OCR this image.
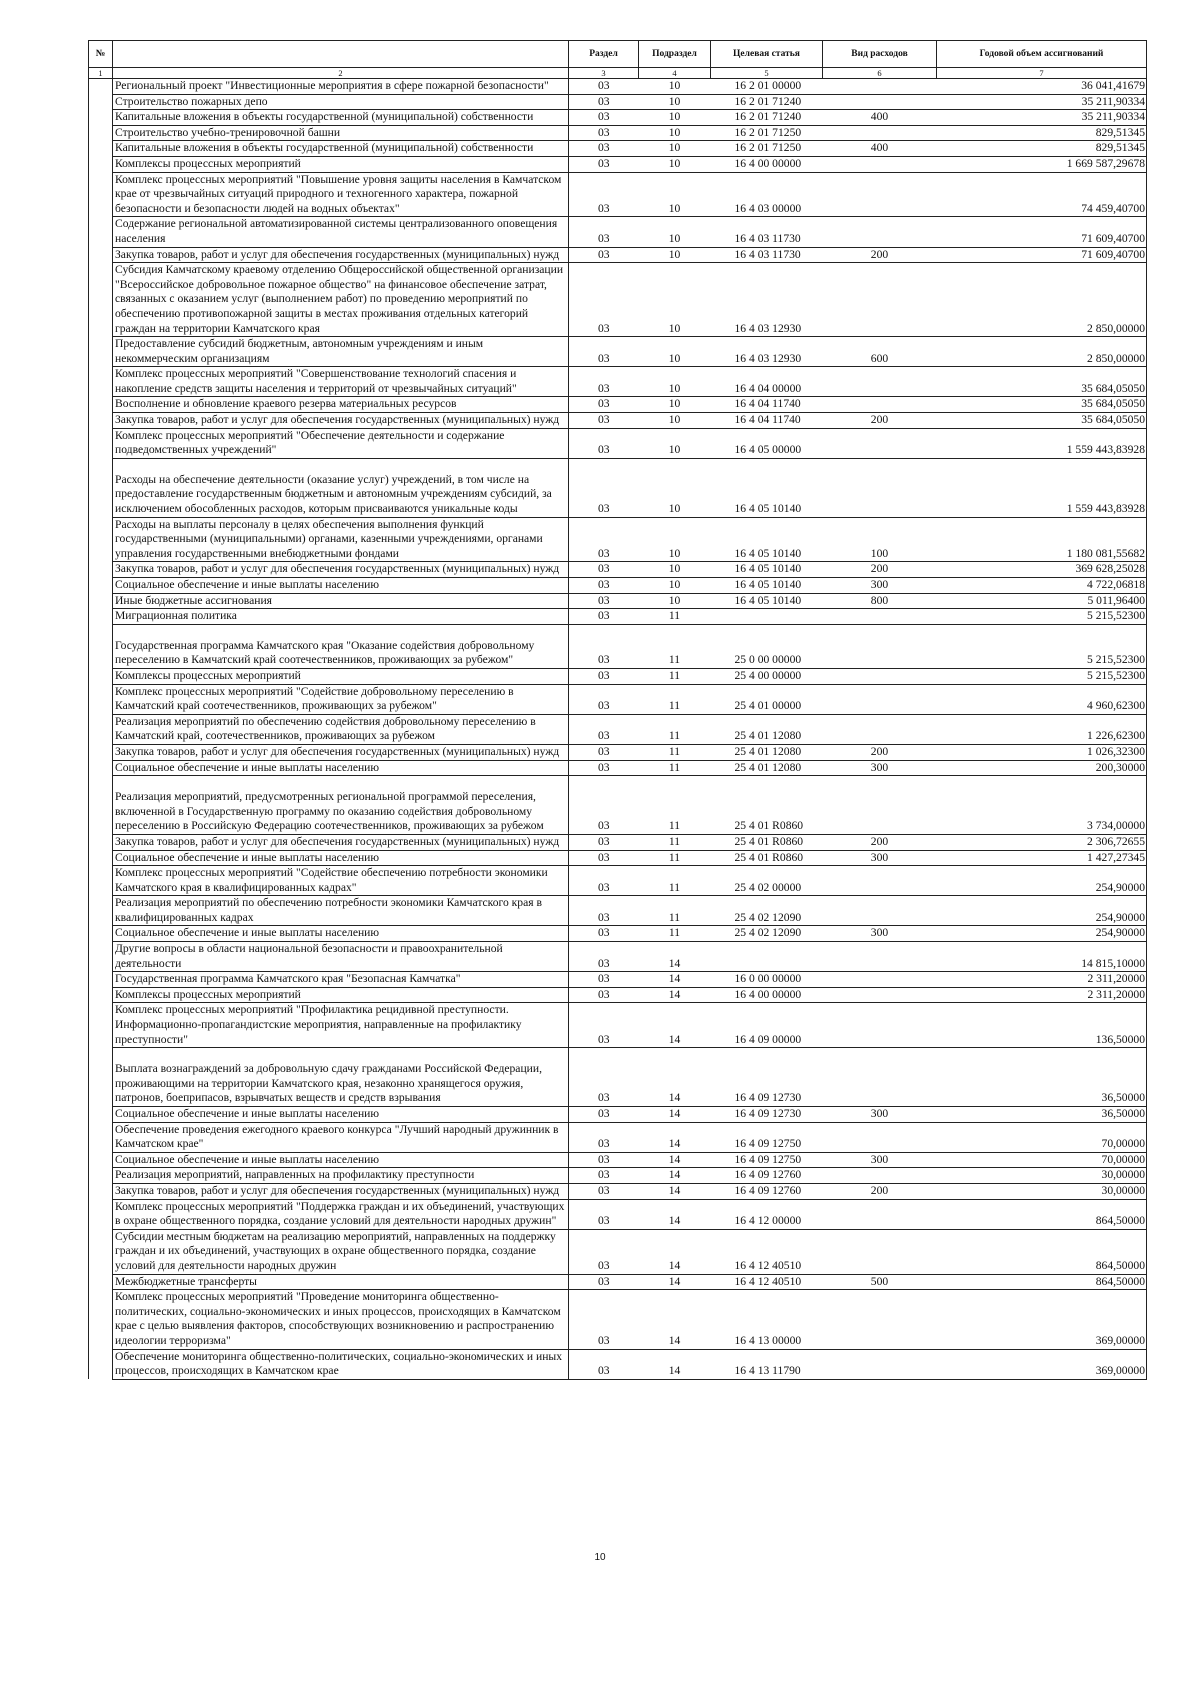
№		Раздел	Подраздел	Целевая статья	Вид расходов	Годовой объем ассигнований
1	2	3	4	5	6	7
	Региональный проект "Инвестиционные мероприятия в сфере пожарной безопасности"	03	10	16 2 01 00000		36 041,41679
	Строительство пожарных депо	03	10	16 2 01 71240		35 211,90334
	Капитальные вложения в объекты государственной (муниципальной) собственности	03	10	16 2 01 71240	400	35 211,90334
	Строительство учебно-тренировочной башни	03	10	16 2 01 71250		829,51345
	Капитальные вложения в объекты государственной (муниципальной) собственности	03	10	16 2 01 71250	400	829,51345
	Комплексы процессных мероприятий	03	10	16 4 00 00000		1 669 587,29678
	Комплекс процессных мероприятий "Повышение уровня защиты населения в Камчатском крае от чрезвычайных ситуаций природного и техногенного характера, пожарной безопасности и безопасности людей на водных объектах"	03	10	16 4 03 00000		74 459,40700
	Содержание региональной автоматизированной системы централизованного оповещения населения	03	10	16 4 03 11730		71 609,40700
	Закупка товаров, работ и услуг для обеспечения государственных (муниципальных) нужд	03	10	16 4 03 11730	200	71 609,40700
	Субсидия Камчатскому краевому отделению Общероссийской общественной организации "Всероссийское добровольное пожарное общество" на финансовое обеспечение затрат, связанных с оказанием услуг (выполнением работ) по проведению мероприятий по обеспечению противопожарной защиты в местах проживания отдельных категорий граждан на территории Камчатского края	03	10	16 4 03 12930		2 850,00000
	Предоставление субсидий бюджетным, автономным учреждениям и иным некоммерческим организациям	03	10	16 4 03 12930	600	2 850,00000
	Комплекс процессных мероприятий "Совершенствование технологий спасения и накопление средств защиты населения и территорий от чрезвычайных ситуаций"	03	10	16 4 04 00000		35 684,05050
	Восполнение и обновление краевого резерва материальных ресурсов	03	10	16 4 04 11740		35 684,05050
	Закупка товаров, работ и услуг для обеспечения государственных (муниципальных) нужд	03	10	16 4 04 11740	200	35 684,05050
	Комплекс процессных мероприятий "Обеспечение деятельности и содержание подведомственных учреждений"	03	10	16 4 05 00000		1 559 443,83928
	Расходы на обеспечение деятельности (оказание услуг) учреждений, в том числе на предоставление государственным бюджетным и автономным учреждениям субсидий, за исключением обособленных расходов, которым присваиваются уникальные коды	03	10	16 4 05 10140		1 559 443,83928
	Расходы на выплаты персоналу в целях обеспечения выполнения функций государственными (муниципальными) органами, казенными учреждениями, органами управления государственными внебюджетными фондами	03	10	16 4 05 10140	100	1 180 081,55682
	Закупка товаров, работ и услуг для обеспечения государственных (муниципальных) нужд	03	10	16 4 05 10140	200	369 628,25028
	Социальное обеспечение и иные выплаты населению	03	10	16 4 05 10140	300	4 722,06818
	Иные бюджетные ассигнования	03	10	16 4 05 10140	800	5 011,96400
	Миграционная политика	03	11			5 215,52300
	Государственная программа Камчатского края "Оказание содействия добровольному переселению в Камчатский край соотечественников, проживающих за рубежом"	03	11	25 0 00 00000		5 215,52300
	Комплексы процессных мероприятий	03	11	25 4 00 00000		5 215,52300
	Комплекс процессных мероприятий "Содействие добровольному переселению в Камчатский край соотечественников, проживающих за рубежом"	03	11	25 4 01 00000		4 960,62300
	Реализация мероприятий по обеспечению содействия добровольному переселению в Камчатский край, соотечественников, проживающих за рубежом	03	11	25 4 01 12080		1 226,62300
	Закупка товаров, работ и услуг для обеспечения государственных (муниципальных) нужд	03	11	25 4 01 12080	200	1 026,32300
	Социальное обеспечение и иные выплаты населению	03	11	25 4 01 12080	300	200,30000
	Реализация мероприятий, предусмотренных региональной программой переселения, включенной в Государственную программу по оказанию содействия добровольному переселению в Российскую Федерацию соотечественников, проживающих за рубежом	03	11	25 4 01 R0860		3 734,00000
	Закупка товаров, работ и услуг для обеспечения государственных (муниципальных) нужд	03	11	25 4 01 R0860	200	2 306,72655
	Социальное обеспечение и иные выплаты населению	03	11	25 4 01 R0860	300	1 427,27345
	Комплекс процессных мероприятий "Содействие обеспечению потребности экономики Камчатского края в квалифицированных кадрах"	03	11	25 4 02 00000		254,90000
	Реализация мероприятий по обеспечению потребности экономики Камчатского края в квалифицированных кадрах	03	11	25 4 02 12090		254,90000
	Социальное обеспечение и иные выплаты населению	03	11	25 4 02 12090	300	254,90000
	Другие вопросы в области национальной безопасности и правоохранительной деятельности	03	14			14 815,10000
	Государственная программа Камчатского края "Безопасная Камчатка"	03	14	16 0 00 00000		2 311,20000
	Комплексы процессных мероприятий	03	14	16 4 00 00000		2 311,20000
	Комплекс процессных мероприятий "Профилактика рецидивной преступности. Информационно-пропагандистские мероприятия, направленные на профилактику преступности"	03	14	16 4 09 00000		136,50000
	Выплата вознаграждений за добровольную сдачу гражданами Российской Федерации, проживающими на территории Камчатского края, незаконно хранящегося оружия, патронов, боеприпасов, взрывчатых веществ и средств взрывания	03	14	16 4 09 12730		36,50000
	Социальное обеспечение и иные выплаты населению	03	14	16 4 09 12730	300	36,50000
	Обеспечение проведения ежегодного краевого конкурса "Лучший народный дружинник в Камчатском крае"	03	14	16 4 09 12750		70,00000
	Социальное обеспечение и иные выплаты населению	03	14	16 4 09 12750	300	70,00000
	Реализация мероприятий, направленных на профилактику преступности	03	14	16 4 09 12760		30,00000
	Закупка товаров, работ и услуг для обеспечения государственных (муниципальных) нужд	03	14	16 4 09 12760	200	30,00000
	Комплекс процессных мероприятий "Поддержка граждан и их объединений, участвующих в охране общественного порядка, создание условий для деятельности народных дружин"	03	14	16 4 12 00000		864,50000
	Субсидии местным бюджетам на реализацию мероприятий, направленных на поддержку граждан и их объединений, участвующих в охране общественного порядка, создание условий для деятельности народных дружин	03	14	16 4 12 40510		864,50000
	Межбюджетные трансферты	03	14	16 4 12 40510	500	864,50000
	Комплекс процессных мероприятий "Проведение мониторинга общественно-политических, социально-экономических и иных процессов, происходящих в Камчатском крае с целью выявления факторов, способствующих возникновению и распространению идеологии терроризма"	03	14	16 4 13 00000		369,00000
	Обеспечение мониторинга общественно-политических, социально-экономических и иных процессов, происходящих в Камчатском крае	03	14	16 4 13 11790		369,00000
10
